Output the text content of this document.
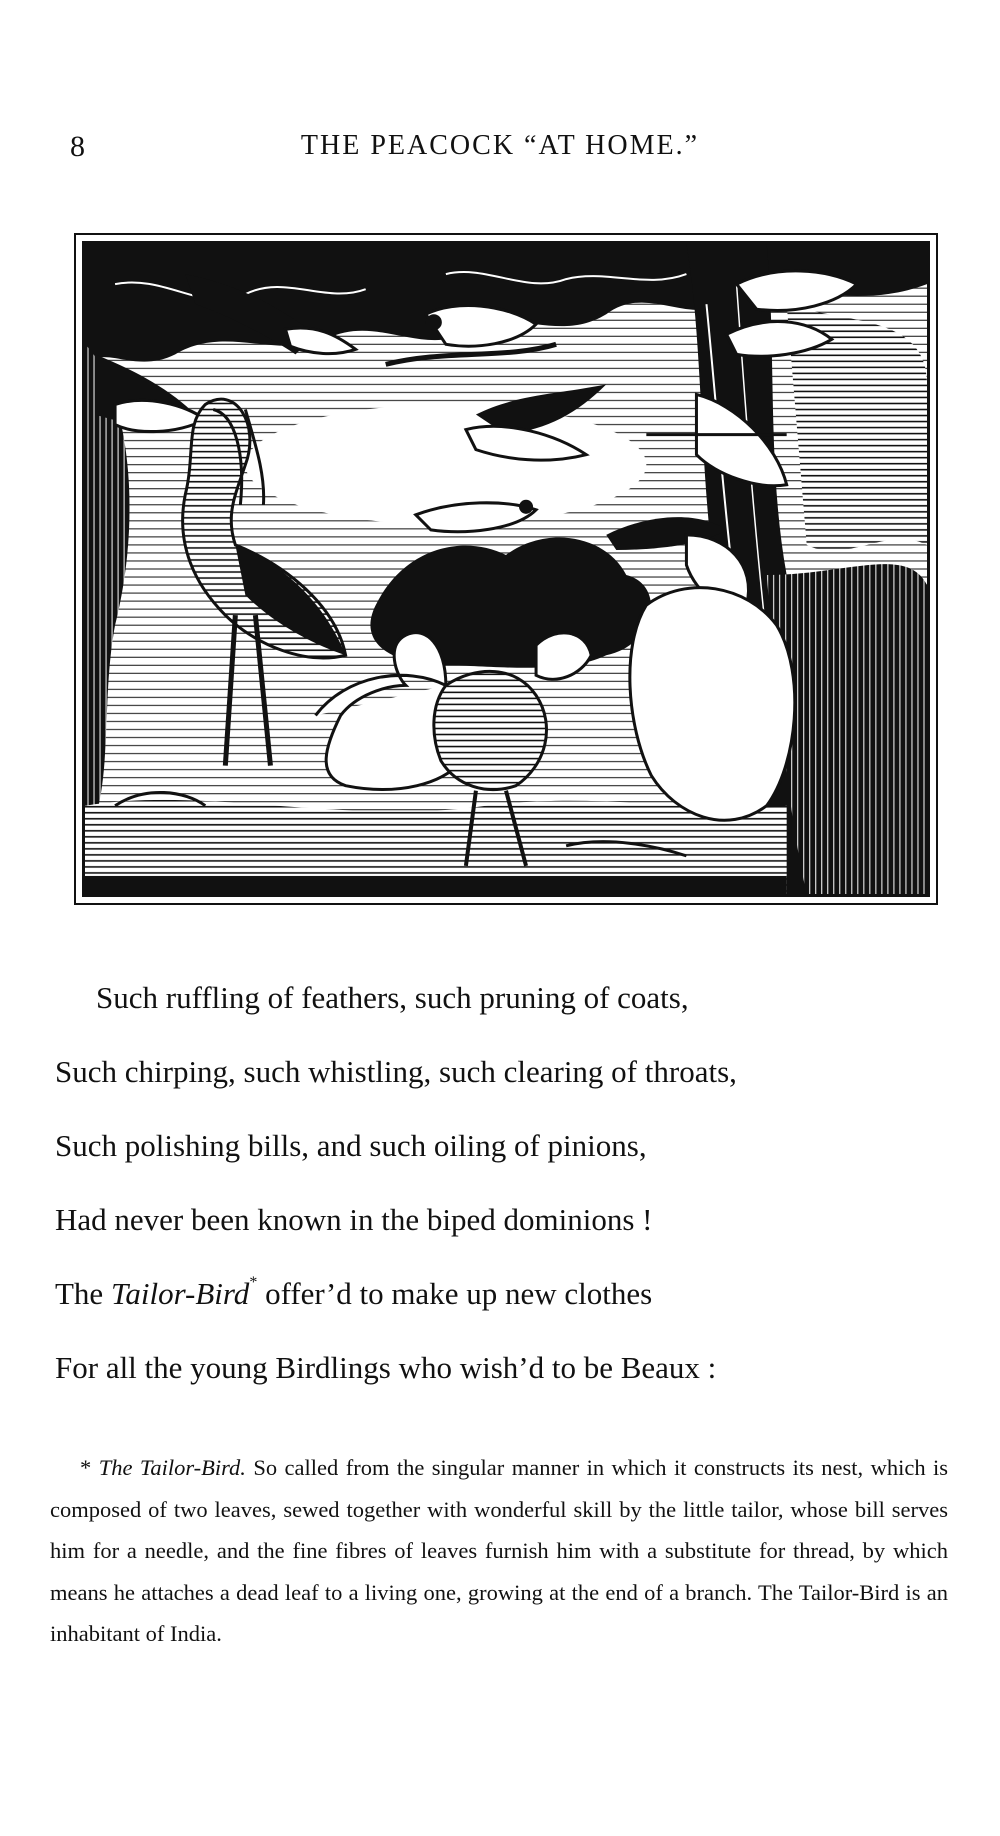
8	THE PEACOCK “AT HOME.”
Such ruffling of feathers, such pruning of coats,
Such chirping, such whistling, such clearing of throats,
Such polishing bills, and such oiling of pinions,
Had never been known in the biped dominions !
The Tailor-Bird* offer’d to make up new clothes
For all the young Birdlings who wish’d to be Beaux :
* The Tailor-Bird. So called from the singular manner in which it constructs its nest, which is composed of two leaves, sewed together with wonderful skill by the little tailor, whose bill serves him for a needle, and the fine fibres of leaves furnish him with a substitute for thread, by which means he attaches a dead leaf to a living one, growing at the end of a branch. The Tailor-Bird is an inhabitant of India.
